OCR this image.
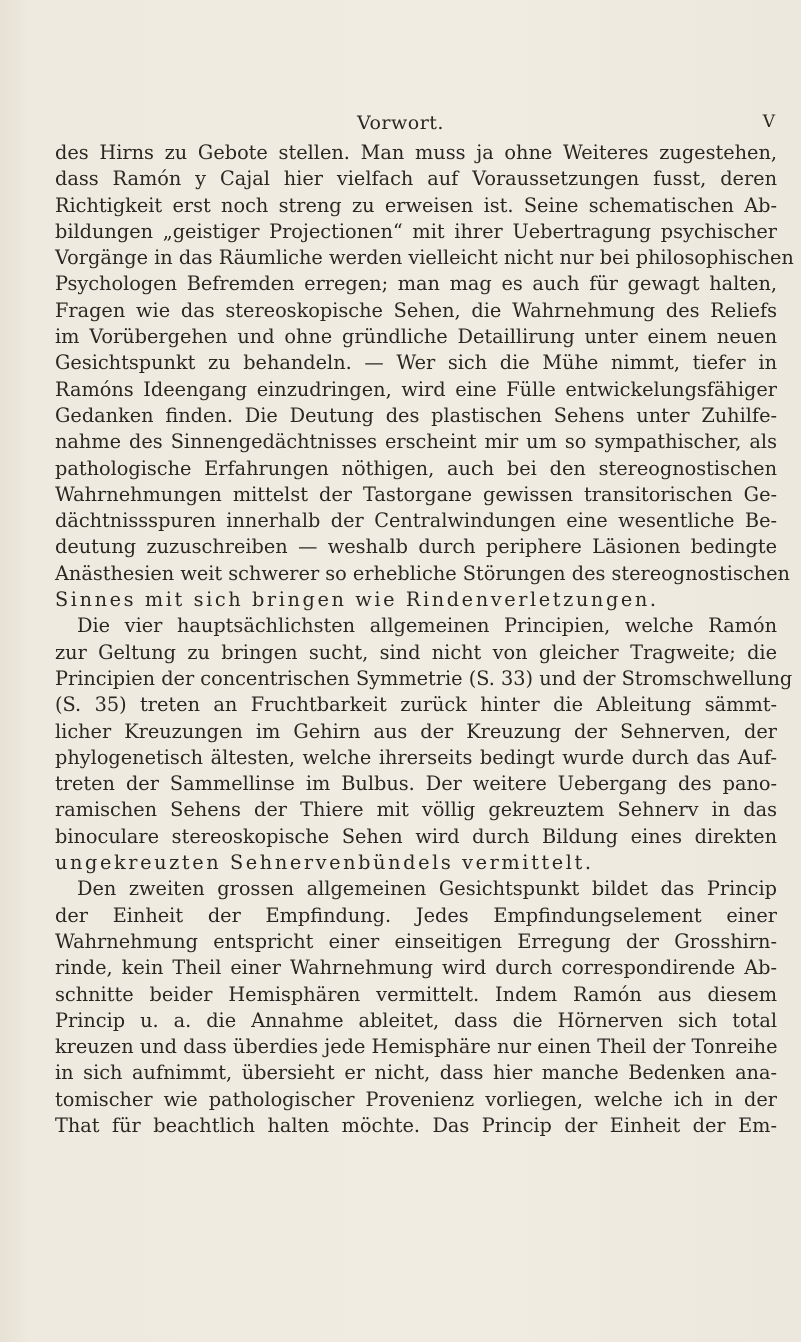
Vorwort.	V
des Hirns zu Gebote stellen. Man muss ja ohne Weiteres zugestehen,
dass Ramón y Cajal hier vielfach auf Voraussetzungen fusst, deren
Richtigkeit erst noch streng zu erweisen ist. Seine schematischen Ab-
bildungen „geistiger Projectionen“ mit ihrer Uebertragung psychischer
Vorgänge in das Räumliche werden vielleicht nicht nur bei philosophischen
Psychologen Befremden erregen; man mag es auch für gewagt halten,
Fragen wie das stereoskopische Sehen, die Wahrnehmung des Reliefs
im Vorübergehen und ohne gründliche Detaillirung unter einem neuen
Gesichtspunkt zu behandeln. — Wer sich die Mühe nimmt, tiefer in
Ramóns Ideengang einzudringen, wird eine Fülle entwickelungsfähiger
Gedanken finden. Die Deutung des plastischen Sehens unter Zuhilfe-
nahme des Sinnengedächtnisses erscheint mir um so sympathischer, als
pathologische Erfahrungen nöthigen, auch bei den stereognostischen
Wahrnehmungen mittelst der Tastorgane gewissen transitorischen Ge-
dächtnissspuren innerhalb der Centralwindungen eine wesentliche Be-
deutung zuzuschreiben — weshalb durch periphere Läsionen bedingte
Anästhesien weit schwerer so erhebliche Störungen des stereognostischen
Sinnes mit sich bringen wie Rindenverletzungen.
Die vier hauptsächlichsten allgemeinen Principien, welche Ramón
zur Geltung zu bringen sucht, sind nicht von gleicher Tragweite; die
Principien der concentrischen Symmetrie (S. 33) und der Stromschwellung
(S. 35) treten an Fruchtbarkeit zurück hinter die Ableitung sämmt-
licher Kreuzungen im Gehirn aus der Kreuzung der Sehnerven, der
phylogenetisch ältesten, welche ihrerseits bedingt wurde durch das Auf-
treten der Sammellinse im Bulbus. Der weitere Uebergang des pano-
ramischen Sehens der Thiere mit völlig gekreuztem Sehnerv in das
binoculare stereoskopische Sehen wird durch Bildung eines direkten
ungekreuzten Sehnervenbündels vermittelt.
Den zweiten grossen allgemeinen Gesichtspunkt bildet das Princip
der Einheit der Empfindung. Jedes Empfindungselement einer
Wahrnehmung entspricht einer einseitigen Erregung der Grosshirn-
rinde, kein Theil einer Wahrnehmung wird durch correspondirende Ab-
schnitte beider Hemisphären vermittelt. Indem Ramón aus diesem
Princip u. a. die Annahme ableitet, dass die Hörnerven sich total
kreuzen und dass überdies jede Hemisphäre nur einen Theil der Tonreihe
in sich aufnimmt, übersieht er nicht, dass hier manche Bedenken ana-
tomischer wie pathologischer Provenienz vorliegen, welche ich in der
That für beachtlich halten möchte. Das Princip der Einheit der Em-
